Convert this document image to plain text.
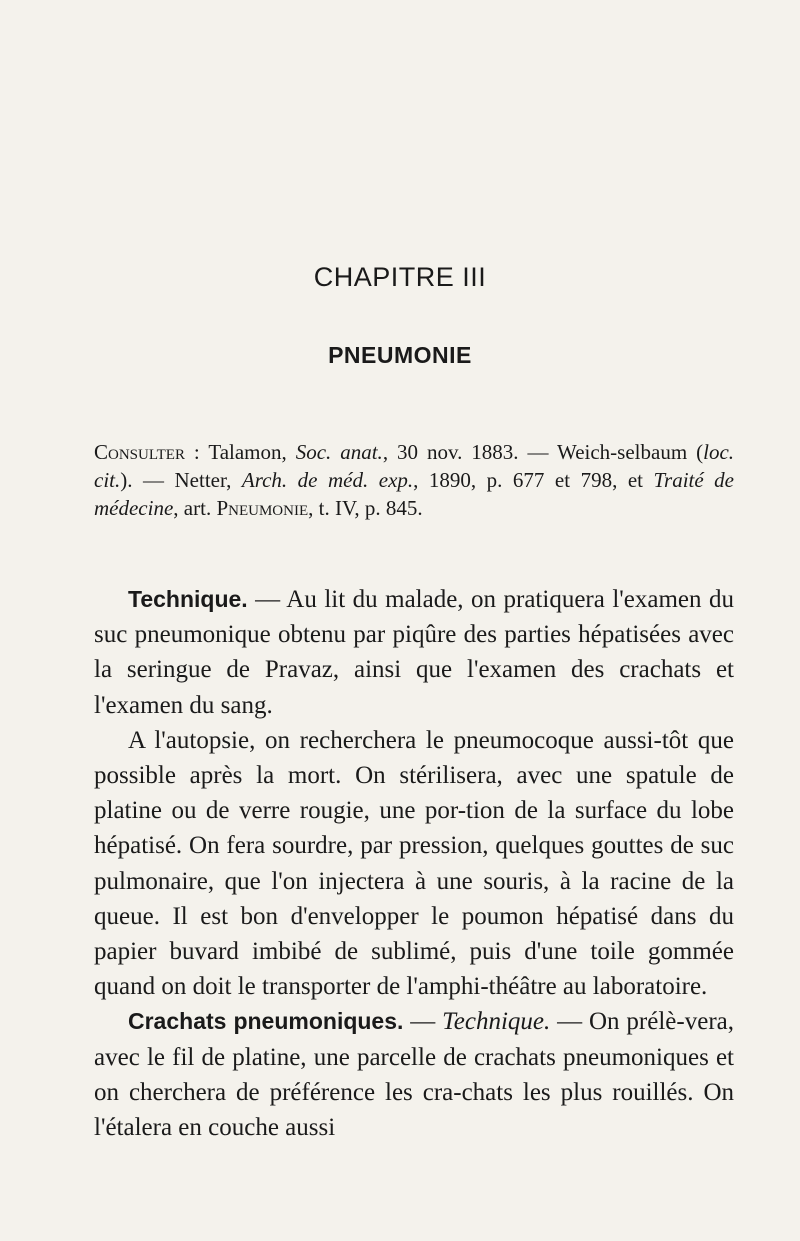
CHAPITRE III
PNEUMONIE

Consulter : Talamon, Soc. anat., 30 nov. 1883. — Weich-selbaum (loc. cit.). — Netter, Arch. de méd. exp., 1890, p. 677 et 798, et Traité de médecine, art. Pneumonie, t. IV, p. 845.

Technique. — Au lit du malade, on pratiquera l'examen du suc pneumonique obtenu par piqûre des parties hépatisées avec la seringue de Pravaz, ainsi que l'examen des crachats et l'examen du sang.

A l'autopsie, on recherchera le pneumocoque aussi-tôt que possible après la mort. On stérilisera, avec une spatule de platine ou de verre rougie, une por-tion de la surface du lobe hépatisé. On fera sourdre, par pression, quelques gouttes de suc pulmonaire, que l'on injectera à une souris, à la racine de la queue. Il est bon d'envelopper le poumon hépatisé dans du papier buvard imbibé de sublimé, puis d'une toile gommée quand on doit le transporter de l'amphi-théâtre au laboratoire.

Crachats pneumoniques. — Technique. — On prélè-vera, avec le fil de platine, une parcelle de crachats pneumoniques et on cherchera de préférence les cra-chats les plus rouillés. On l'étalera en couche aussi
